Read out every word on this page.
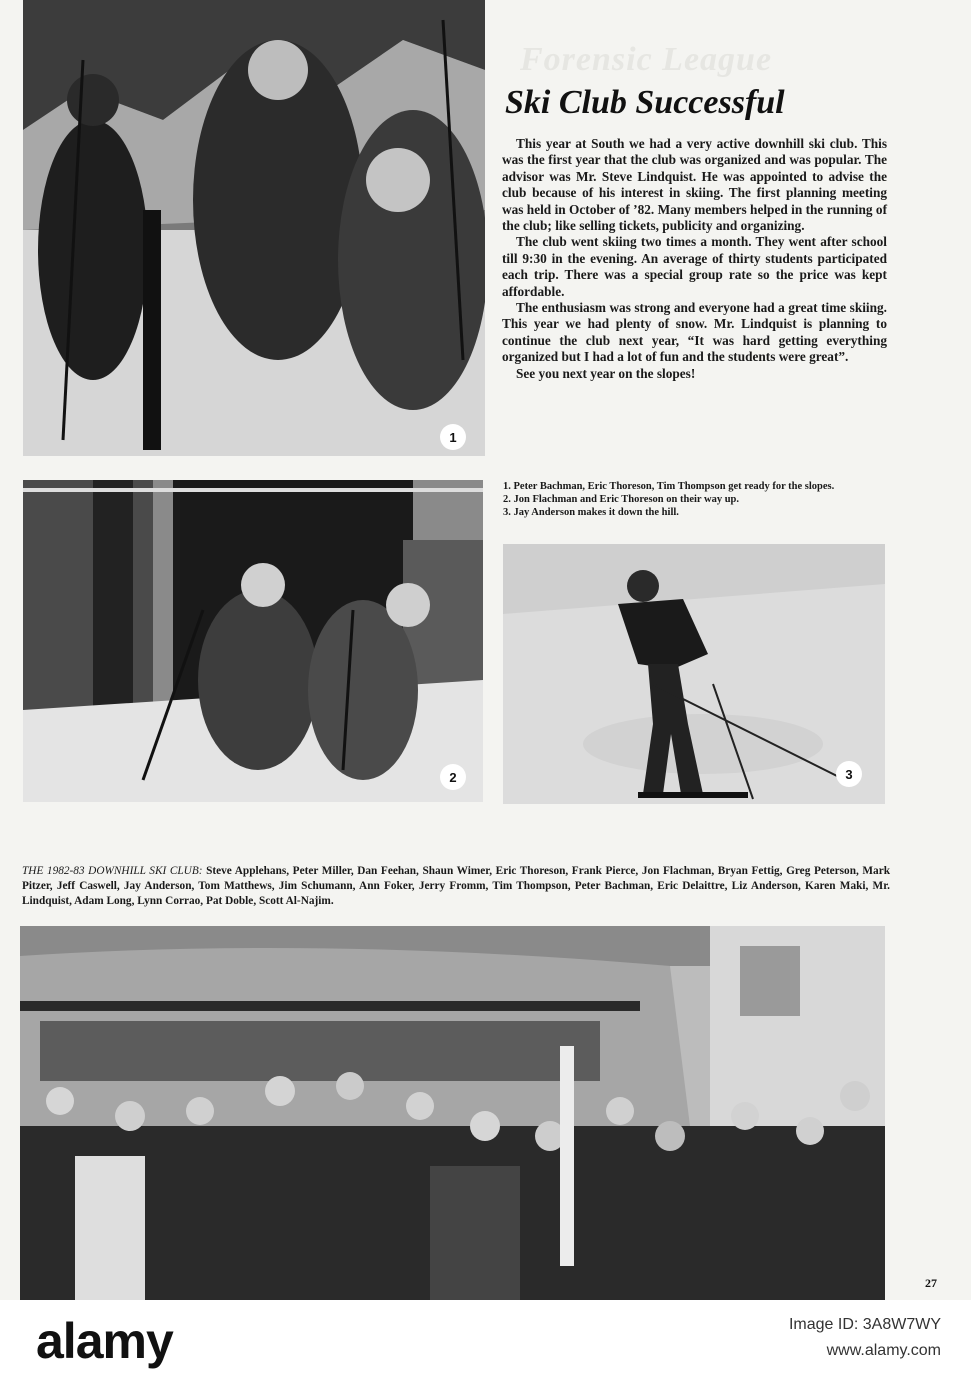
Forensic League
1
2	3
Ski Club Successful

This year at South we had a very active downhill ski club. This was the first year that the club was organized and was popular. The advisor was Mr. Steve Lindquist. He was appointed to advise the club because of his interest in skiing. The first planning meeting was held in October of ’82. Many members helped in the running of the club; like selling tickets, publicity and organizing.

The club went skiing two times a month. They went after school till 9:30 in the evening. An average of thirty students participated each trip. There was a special group rate so the price was kept affordable.

The enthusiasm was strong and everyone had a great time skiing. This year we had plenty of snow. Mr. Lindquist is planning to continue the club next year, “It was hard getting everything organized but I had a lot of fun and the students were great”.

See you next year on the slopes!

1. Peter Bachman, Eric Thoreson, Tim Thompson get ready for the slopes.
2. Jon Flachman and Eric Thoreson on their way up.
3. Jay Anderson makes it down the hill.
THE 1982-83 DOWNHILL SKI CLUB: Steve Applehans, Peter Miller, Dan Feehan, Shaun Wimer, Eric Thoreson, Frank Pierce, Jon Flachman, Bryan Fettig, Greg Peterson, Mark Pitzer, Jeff Caswell, Jay Anderson, Tom Matthews, Jim Schumann, Ann Foker, Jerry Fromm, Tim Thompson, Peter Bachman, Eric Delaittre, Liz Anderson, Karen Maki, Mr. Lindquist, Adam Long, Lynn Corrao, Pat Doble, Scott Al-Najim.
27
alamy	Image ID: 3A8W7WY
www.alamy.com
